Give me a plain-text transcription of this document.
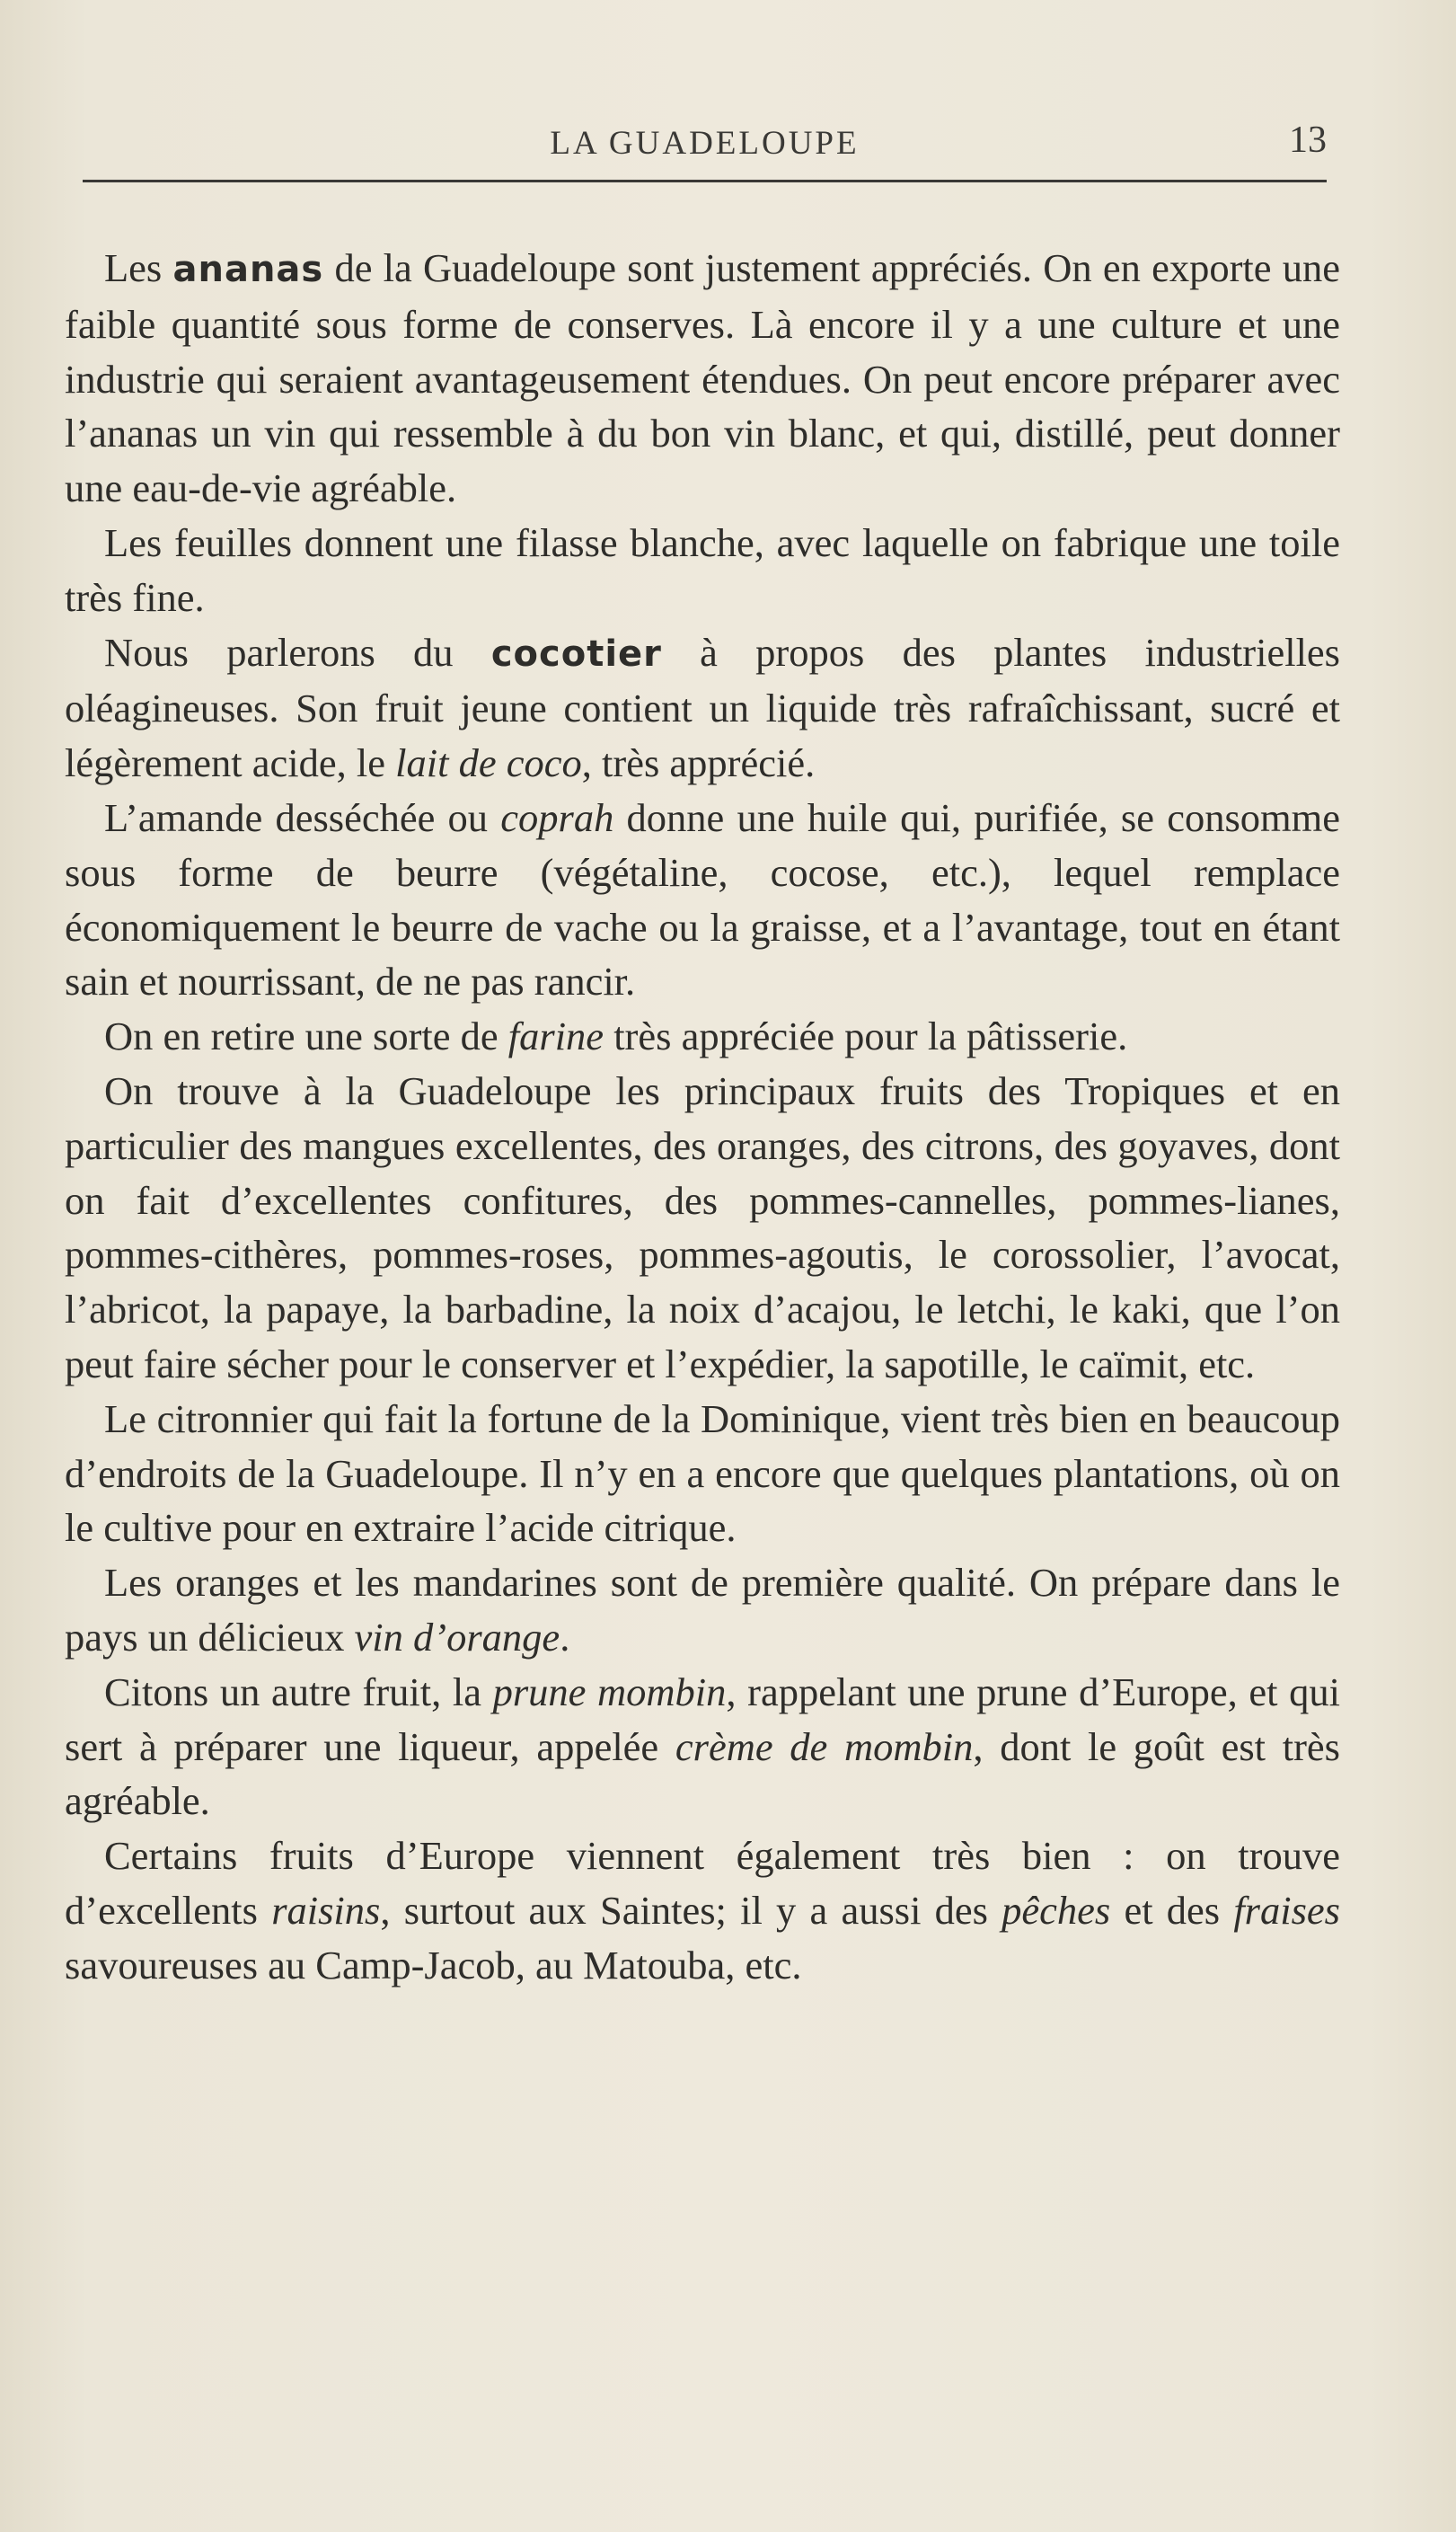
LA GUADELOUPE	13

Les ananas de la Guadeloupe sont justement appréciés. On en exporte une faible quantité sous forme de conserves. Là encore il y a une culture et une industrie qui seraient avantageusement étendues. On peut encore préparer avec l’ananas un vin qui ressemble à du bon vin blanc, et qui, distillé, peut donner une eau-de-vie agréable.

Les feuilles donnent une filasse blanche, avec laquelle on fabrique une toile très fine.

Nous parlerons du cocotier à propos des plantes industrielles oléagineuses. Son fruit jeune contient un liquide très rafraîchissant, sucré et légèrement acide, le lait de coco, très apprécié.

L’amande desséchée ou coprah donne une huile qui, purifiée, se consomme sous forme de beurre (végétaline, cocose, etc.), lequel remplace économiquement le beurre de vache ou la graisse, et a l’avantage, tout en étant sain et nourrissant, de ne pas rancir.

On en retire une sorte de farine très appréciée pour la pâtisserie.

On trouve à la Guadeloupe les principaux fruits des Tropiques et en particulier des mangues excellentes, des oranges, des citrons, des goyaves, dont on fait d’excellentes confitures, des pommes-cannelles, pommes-lianes, pommes-cithères, pommes-roses, pommes-agoutis, le corossolier, l’avocat, l’abricot, la papaye, la barbadine, la noix d’acajou, le letchi, le kaki, que l’on peut faire sécher pour le conserver et l’expédier, la sapotille, le caïmit, etc.

Le citronnier qui fait la fortune de la Dominique, vient très bien en beaucoup d’endroits de la Guadeloupe. Il n’y en a encore que quelques plantations, où on le cultive pour en extraire l’acide citrique.

Les oranges et les mandarines sont de première qualité. On prépare dans le pays un délicieux vin d’orange.

Citons un autre fruit, la prune mombin, rappelant une prune d’Europe, et qui sert à préparer une liqueur, appelée crème de mombin, dont le goût est très agréable.

Certains fruits d’Europe viennent également très bien : on trouve d’excellents raisins, surtout aux Saintes; il y a aussi des pêches et des fraises savoureuses au Camp-Jacob, au Matouba, etc.
